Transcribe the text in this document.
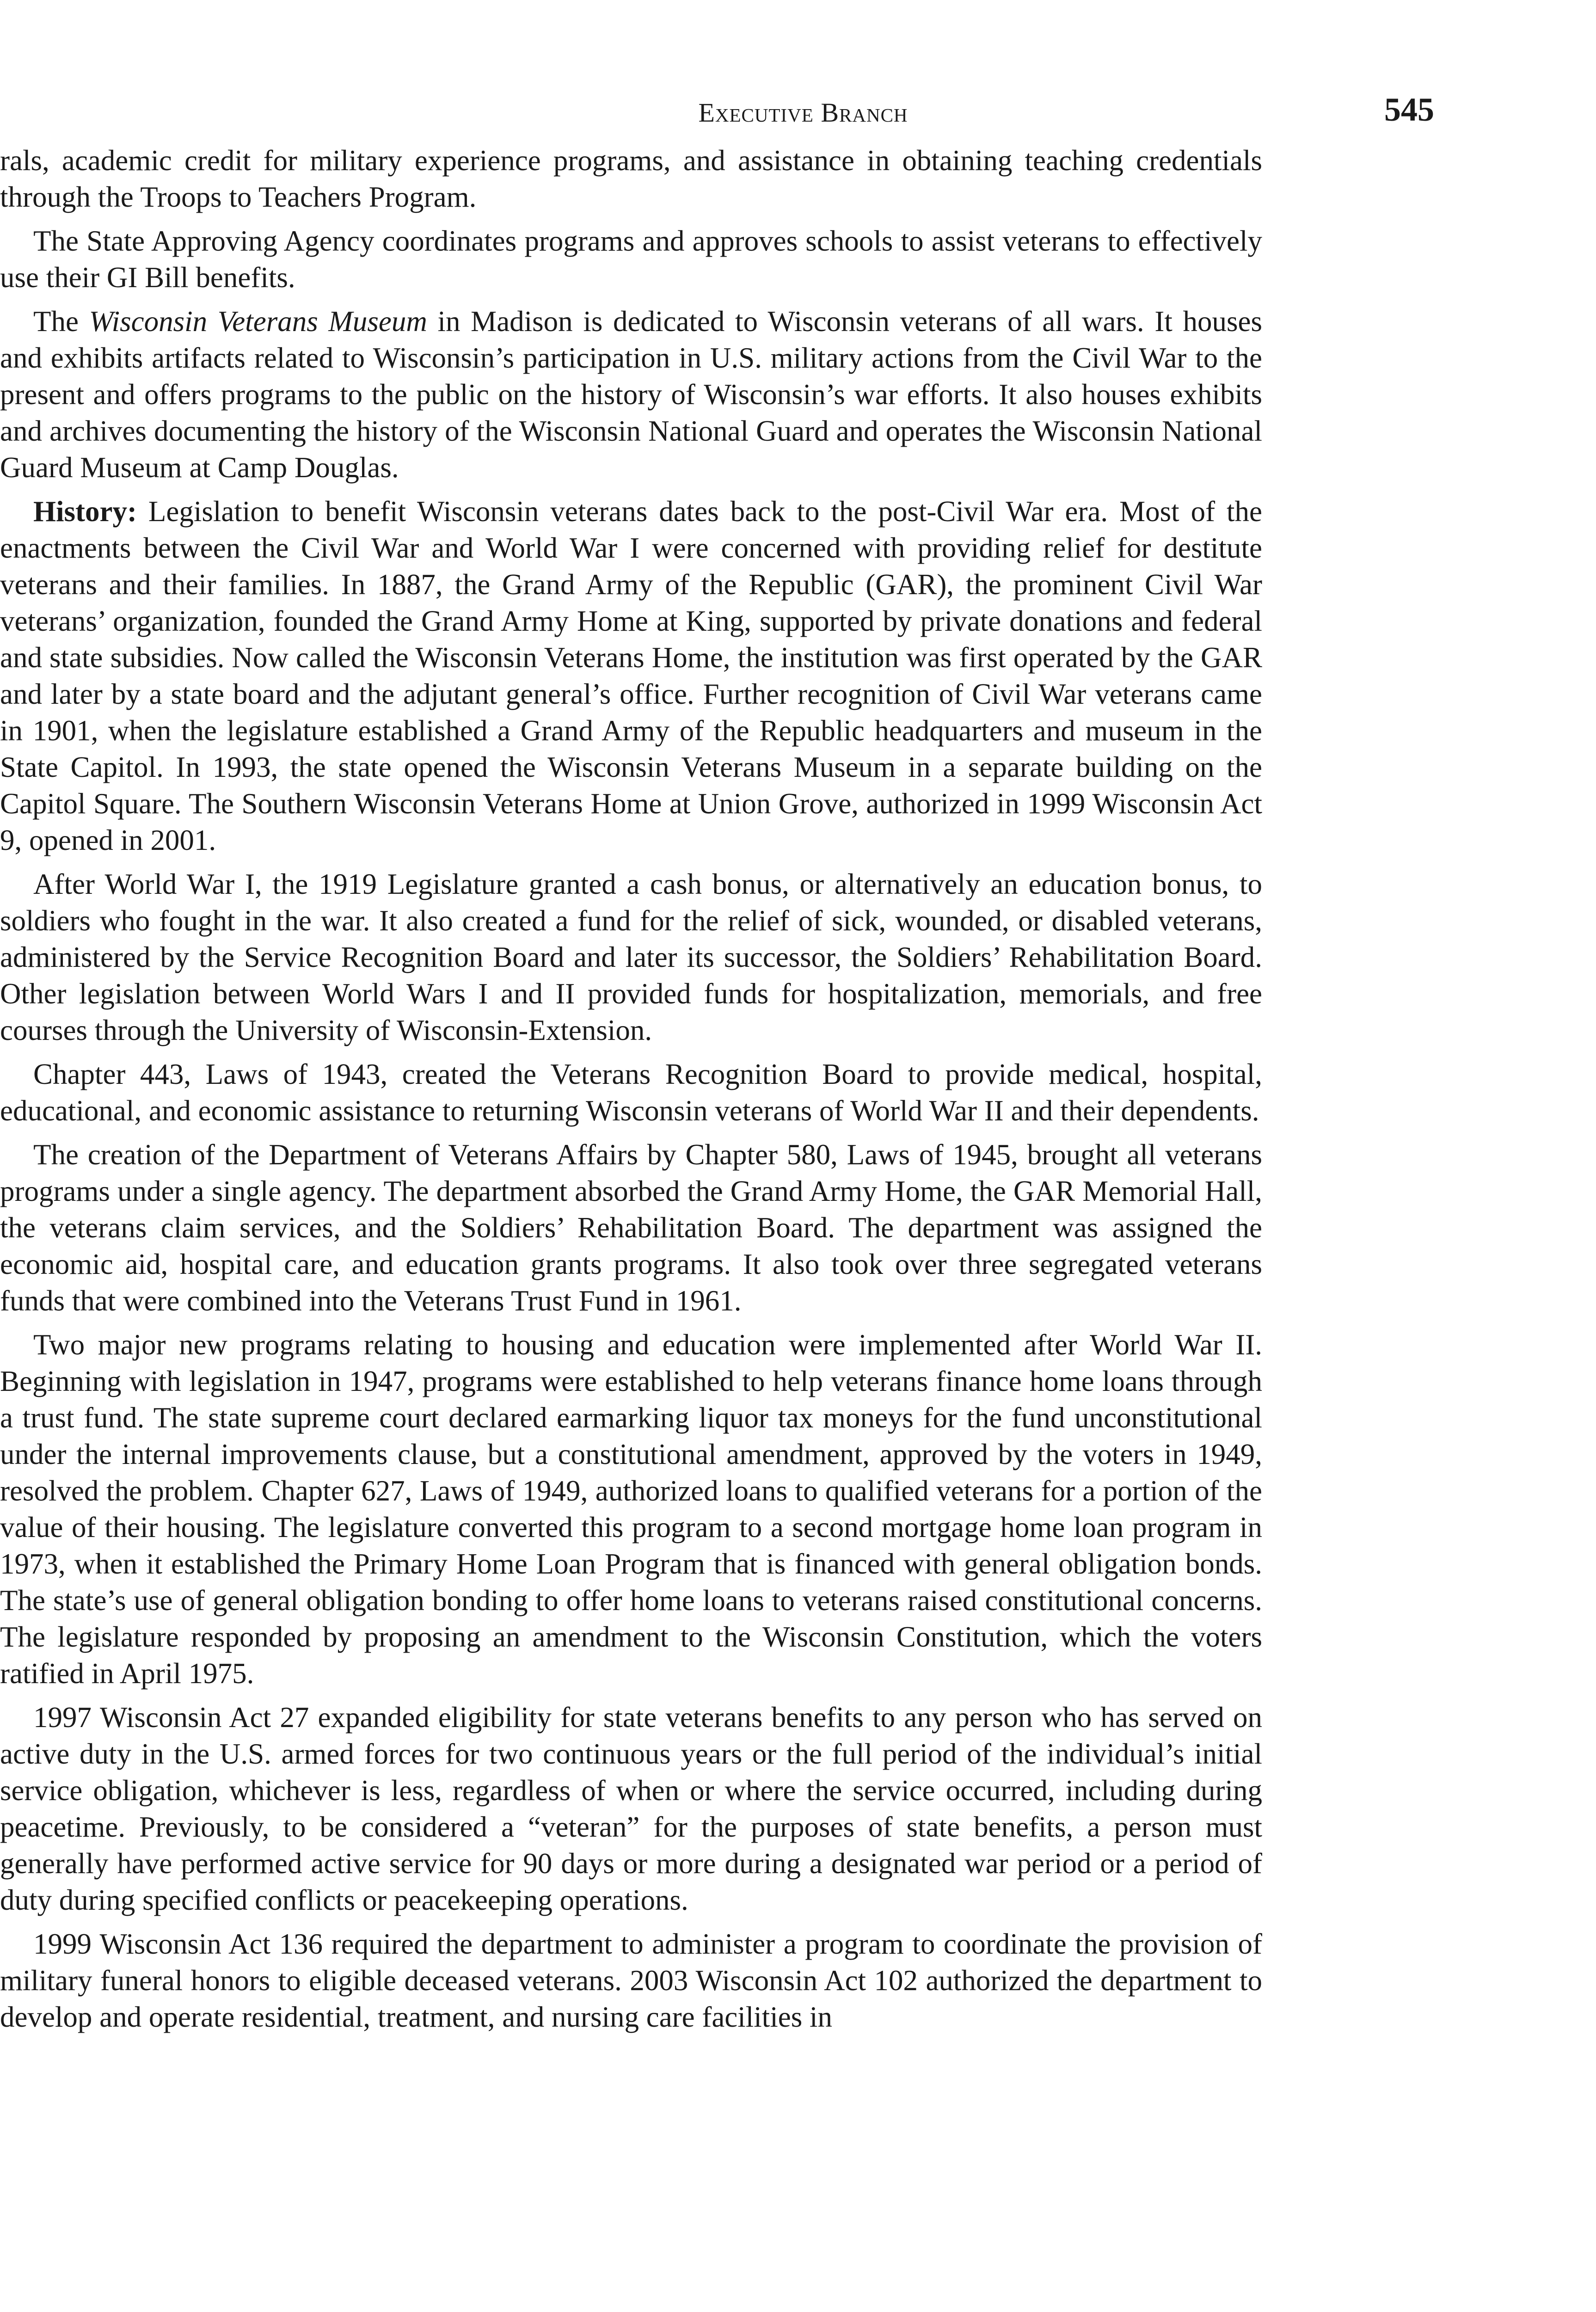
Executive Branch	545

rals, academic credit for military experience programs, and assistance in obtaining teaching credentials through the Troops to Teachers Program.

The State Approving Agency coordinates programs and approves schools to assist veterans to effectively use their GI Bill benefits.

The Wisconsin Veterans Museum in Madison is dedicated to Wisconsin veterans of all wars. It houses and exhibits artifacts related to Wisconsin’s participation in U.S. military actions from the Civil War to the present and offers programs to the public on the history of Wisconsin’s war efforts. It also houses exhibits and archives documenting the history of the Wisconsin National Guard and operates the Wisconsin National Guard Museum at Camp Douglas.

History: Legislation to benefit Wisconsin veterans dates back to the post-Civil War era. Most of the enactments between the Civil War and World War I were concerned with providing relief for destitute veterans and their families. In 1887, the Grand Army of the Republic (GAR), the prominent Civil War veterans’ organization, founded the Grand Army Home at King, supported by private donations and federal and state subsidies. Now called the Wisconsin Veterans Home, the institution was first operated by the GAR and later by a state board and the adjutant general’s office. Further recognition of Civil War veterans came in 1901, when the legislature established a Grand Army of the Republic headquarters and museum in the State Capitol. In 1993, the state opened the Wisconsin Veterans Museum in a separate building on the Capitol Square. The Southern Wisconsin Veterans Home at Union Grove, authorized in 1999 Wisconsin Act 9, opened in 2001.

After World War I, the 1919 Legislature granted a cash bonus, or alternatively an education bonus, to soldiers who fought in the war. It also created a fund for the relief of sick, wounded, or disabled veterans, administered by the Service Recognition Board and later its successor, the Soldiers’ Rehabilitation Board. Other legislation between World Wars I and II provided funds for hospitalization, memorials, and free courses through the University of Wisconsin-Extension.

Chapter 443, Laws of 1943, created the Veterans Recognition Board to provide medical, hospital, educational, and economic assistance to returning Wisconsin veterans of World War II and their dependents.

The creation of the Department of Veterans Affairs by Chapter 580, Laws of 1945, brought all veterans programs under a single agency. The department absorbed the Grand Army Home, the GAR Memorial Hall, the veterans claim services, and the Soldiers’ Rehabilitation Board. The department was assigned the economic aid, hospital care, and education grants programs. It also took over three segregated veterans funds that were combined into the Veterans Trust Fund in 1961.

Two major new programs relating to housing and education were implemented after World War II. Beginning with legislation in 1947, programs were established to help veterans finance home loans through a trust fund. The state supreme court declared earmarking liquor tax moneys for the fund unconstitutional under the internal improvements clause, but a constitutional amendment, approved by the voters in 1949, resolved the problem. Chapter 627, Laws of 1949, authorized loans to qualified veterans for a portion of the value of their housing. The legislature converted this program to a second mortgage home loan program in 1973, when it established the Primary Home Loan Program that is financed with general obligation bonds. The state’s use of general obligation bonding to offer home loans to veterans raised constitutional concerns. The legislature responded by proposing an amendment to the Wisconsin Constitution, which the voters ratified in April 1975.

1997 Wisconsin Act 27 expanded eligibility for state veterans benefits to any person who has served on active duty in the U.S. armed forces for two continuous years or the full period of the individual’s initial service obligation, whichever is less, regardless of when or where the service occurred, including during peacetime. Previously, to be considered a “veteran” for the purposes of state benefits, a person must generally have performed active service for 90 days or more during a designated war period or a period of duty during specified conflicts or peacekeeping operations.

1999 Wisconsin Act 136 required the department to administer a program to coordinate the provision of military funeral honors to eligible deceased veterans. 2003 Wisconsin Act 102 authorized the department to develop and operate residential, treatment, and nursing care facilities in
